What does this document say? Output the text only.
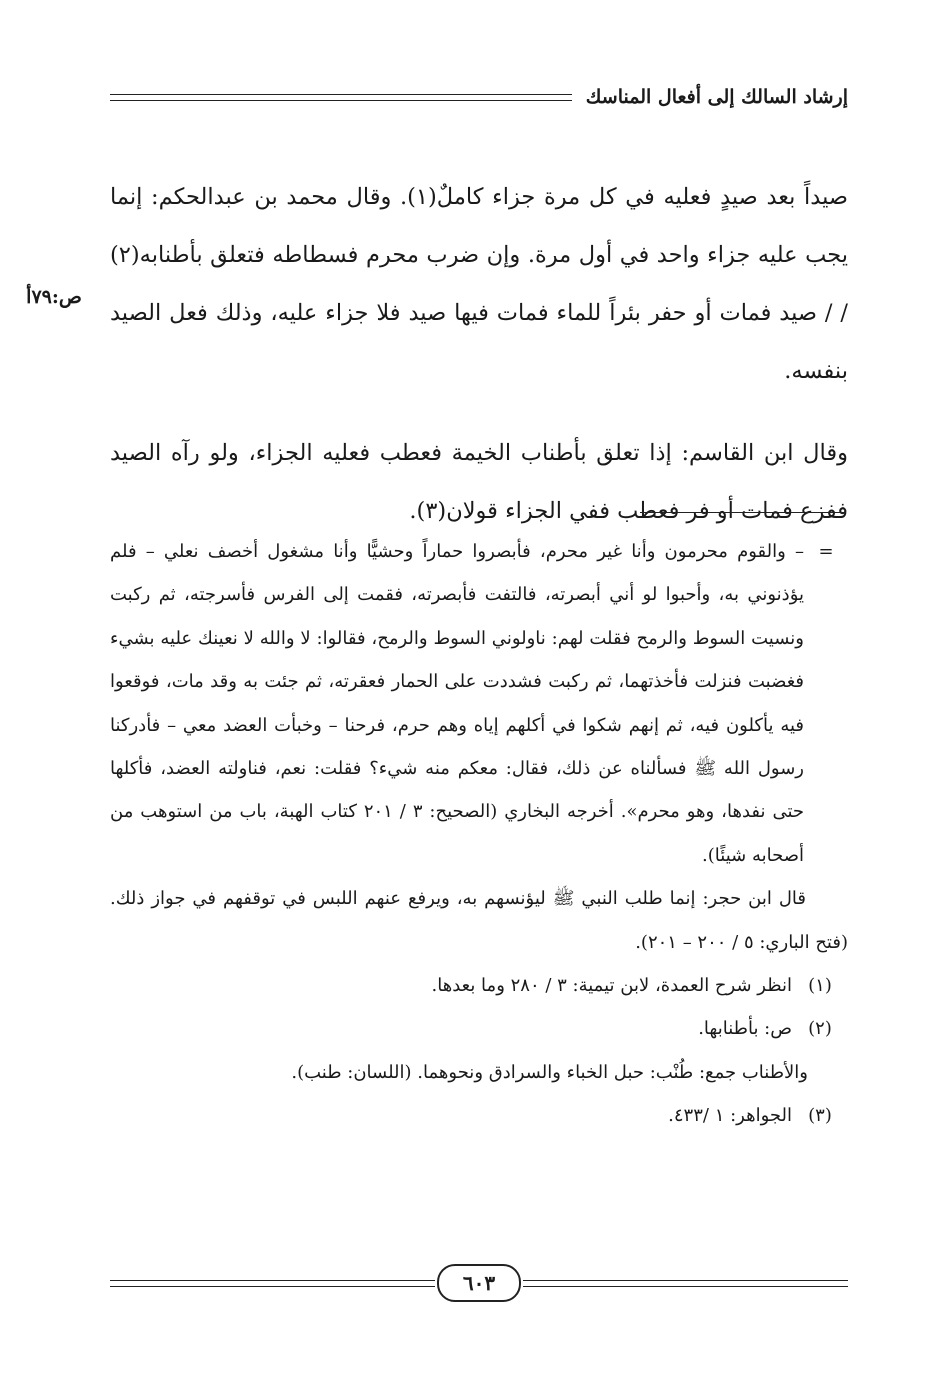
إرشاد السالك إلى أفعال المناسك
ص:٧٩أ

صيداً بعد صيدٍ فعليه في كل مرة جزاء كاملٌ(١). وقال محمد بن عبدالحكم: إنما يجب عليه جزاء واحد في أول مرة. وإن ضرب محرم فسطاطه فتعلق بأطنابه(٢) / / صيد فمات أو حفر بئراً للماء فمات فيها صيد فلا جزاء عليه، وذلك فعل الصيد بنفسه.

وقال ابن القاسم: إذا تعلق بأطناب الخيمة فعطب فعليه الجزاء، ولو رآه الصيد ففزع فمات أو فر فعطب ففي الجزاء قولان(٣).

=
– والقوم محرمون وأنا غير محرم، فأبصروا حماراً وحشيًّا وأنا مشغول أخصف نعلي – فلم يؤذنوني به، وأحبوا لو أني أبصرته، فالتفت فأبصرته، فقمت إلى الفرس فأسرجته، ثم ركبت ونسيت السوط والرمح فقلت لهم: ناولوني السوط والرمح، فقالوا: لا والله لا نعينك عليه بشيء فغضبت فنزلت فأخذتهما، ثم ركبت فشددت على الحمار فعقرته، ثم جئت به وقد مات، فوقعوا فيه يأكلون فيه، ثم إنهم شكوا في أكلهم إياه وهم حرم، فرحنا – وخبأت العضد معي – فأدركنا رسول الله ﷺ فسألناه عن ذلك، فقال: معكم منه شيء؟ فقلت: نعم، فناولته العضد، فأكلها حتى نفدها، وهو محرم». أخرجه البخاري (الصحيح: ٣ / ٢٠١ كتاب الهبة، باب من استوهب من أصحابه شيئًا).

قال ابن حجر: إنما طلب النبي ﷺ ليؤنسهم به، ويرفع عنهم اللبس في توقفهم في جواز ذلك. (فتح الباري: ٥ / ٢٠٠ – ٢٠١).

(١)
انظر شرح العمدة، لابن تيمية: ٣ / ٢٨٠ وما بعدها.
(٢)
ص: بأطنابها.
والأطناب جمع: طُنْب: حبل الخباء والسرادق ونحوهما. (اللسان: طنب).
(٣)
الجواهر: ١ /٤٣٣.
٦٠٣
